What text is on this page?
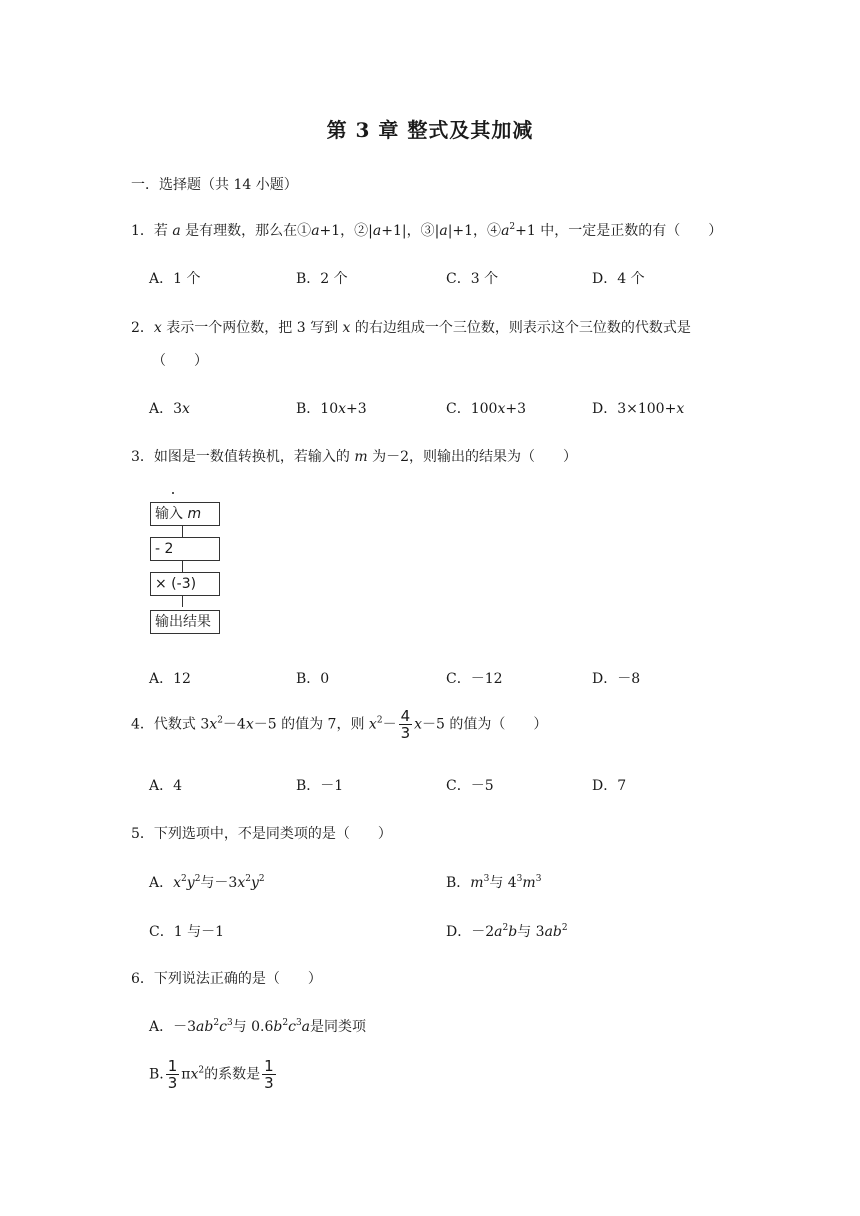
第 3 章 整式及其加减
一．选择题（共 14 小题）
1．若 a 是有理数，那么在①a+1，②|a+1|，③|a|+1，$④a^2+1$ 中，一定是正数的有（　　）
A．1 个	B．2 个	C．3 个	D．4 个
2．x 表示一个两位数，把 3 写到 x 的右边组成一个三位数，则表示这个三位数的代数式是
（　　）
A．3x	B．10x+3	C．100x+3	D．3×100+x
3．如图是一数值转换机，若输入的 m 为－2，则输出的结果为（　　）
输入 m
- 2
× (-3)
输出结果
A．12	B．0	C．－12	D．－8
4．代数式 $3x^2-4x-5$ 的值为 7，则 $x^2- \frac{4}{3} x-5$ 的值为（　　）
A．4	B．－1	C．－5	D．7
5．下列选项中，不是同类项的是（　　）
A．$x^2y^2$与$-3x^2y^2$	B．$m^3$与 $4^3m^3$
C．1 与－1	D．$-2a^2b$与 $3ab^2$
6．下列说法正确的是（　　）
A．$-3ab^2c^3$与 $0.6b^2c^3a$是同类项
B. $\frac{1}{3} \pi x^2$的系数是 $\frac{1}{3}$
